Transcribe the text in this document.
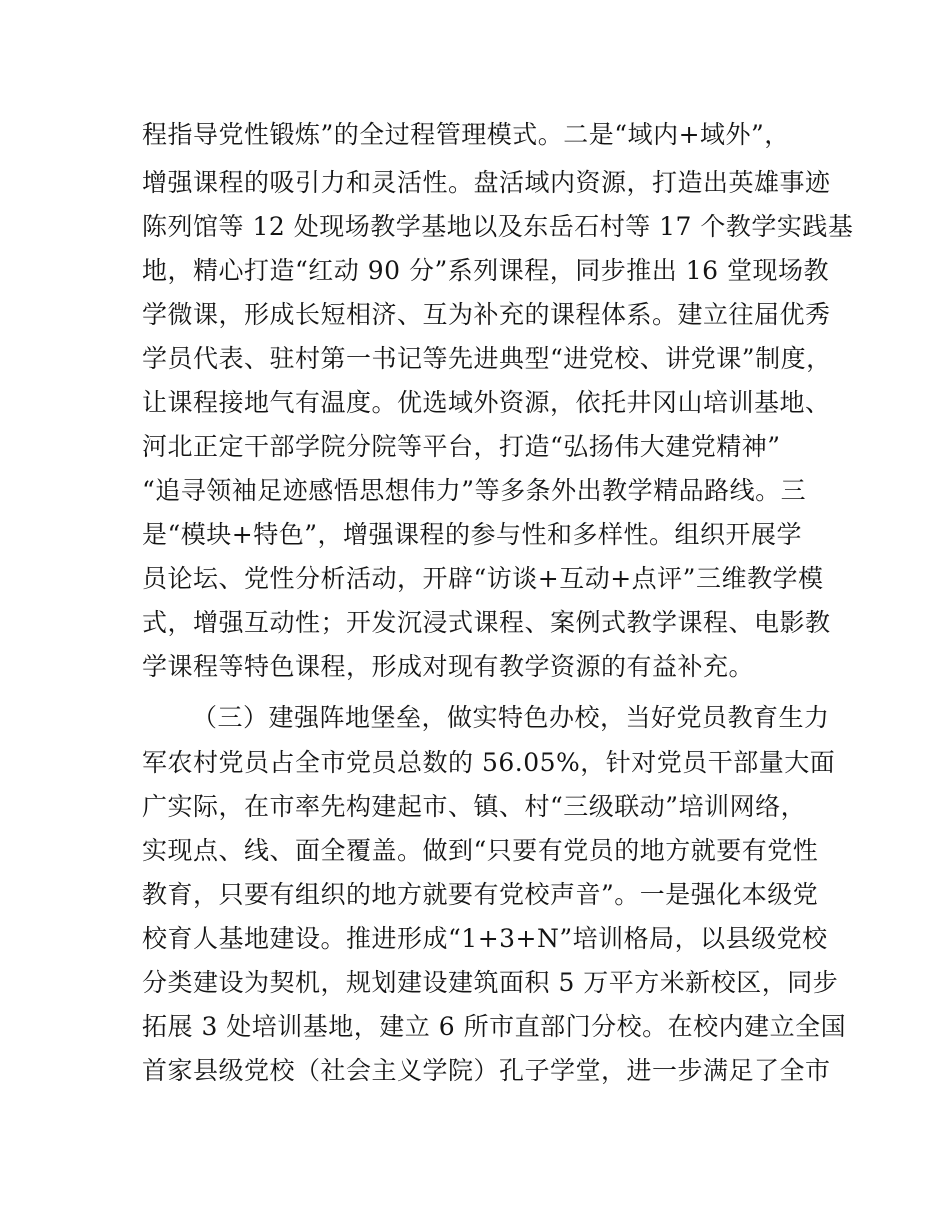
程指导党性锻炼”的全过程管理模式。二是“域内+域外”，
增强课程的吸引力和灵活性。盘活域内资源，打造出英雄事迹
陈列馆等 12 处现场教学基地以及东岳石村等 17 个教学实践基
地，精心打造“红动 90 分”系列课程，同步推出 16 堂现场教
学微课，形成长短相济、互为补充的课程体系。建立往届优秀
学员代表、驻村第一书记等先进典型“进党校、讲党课”制度，
让课程接地气有温度。优选域外资源，依托井冈山培训基地、
河北正定干部学院分院等平台，打造“弘扬伟大建党精神”
“追寻领袖足迹感悟思想伟力”等多条外出教学精品路线。三
是“模块+特色”，增强课程的参与性和多样性。组织开展学
员论坛、党性分析活动，开辟“访谈+互动+点评”三维教学模
式，增强互动性；开发沉浸式课程、案例式教学课程、电影教
学课程等特色课程，形成对现有教学资源的有益补充。
（三）建强阵地堡垒，做实特色办校，当好党员教育生力
军农村党员占全市党员总数的 56.05%，针对党员干部量大面
广实际，在市率先构建起市、镇、村“三级联动”培训网络，
实现点、线、面全覆盖。做到“只要有党员的地方就要有党性
教育，只要有组织的地方就要有党校声音”。一是强化本级党
校育人基地建设。推进形成“1+3+N”培训格局，以县级党校
分类建设为契机，规划建设建筑面积 5 万平方米新校区，同步
拓展 3 处培训基地，建立 6 所市直部门分校。在校内建立全国
首家县级党校（社会主义学院）孔子学堂，进一步满足了全市
